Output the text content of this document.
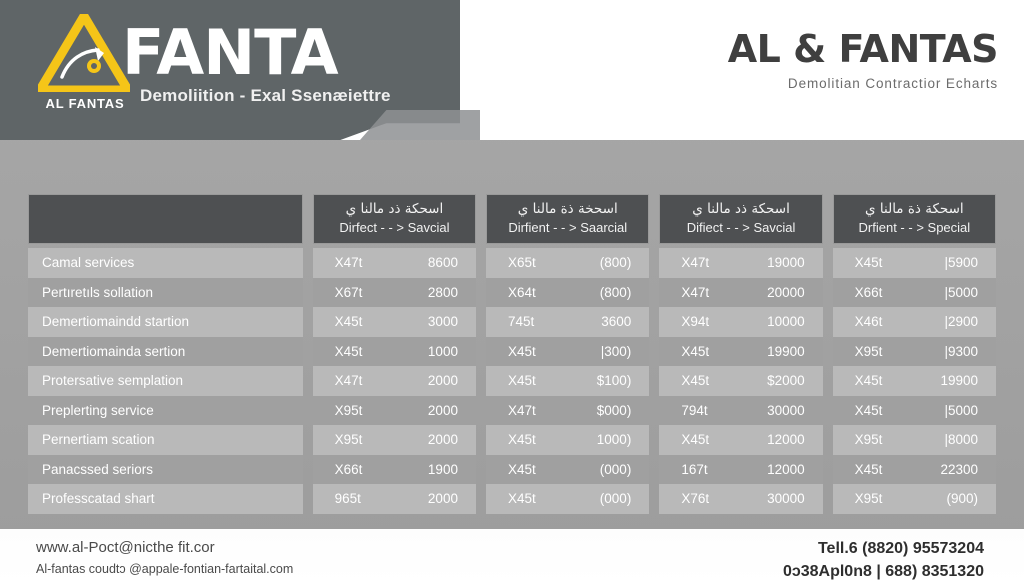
AL FANTAS
FANTA
Demoliition - Exal Ssenæiettre
AL & FANTAS
Demolitian Contractior Echarts
اسحكة ذد مالنا ي
Dirfect - - > Savcial
اسحخة ذة مالنا ي
Dirfient - - > Saarcial
اسحكة ذد مالنا ي
Difiect - - > Savcial
اسحكة ذة مالنا ي
Drfient - - > Special
Camal services	X47t	8600	X65t	(800)	X47t	19000	X45t	|5900
Pertıretıls sollation	X67t	2800	X64t	(800)	X47t	20000	X66t	|5000
Demertiomaindd startion	X45t	3000	745t	3600	X94t	10000	X46t	|2900
Demertiomainda sertion	X45t	1000	X45t	|300)	X45t	19900	X95t	|9300
Protersative semplation	X47t	2000	X45t	$100)	X45t	$2000	X45t	19900
Preplerting service	X95t	2000	X47t	$000)	794t	30000	X45t	|5000
Pernertiam scation	X95t	2000	X45t	1000)	X45t	12000	X95t	|8000
Panacssed seriors	X66t	1900	X45t	(000)	167t	12000	X45t	22300
Professcatad shart	965t	2000	X45t	(000)	X76t	30000	X95t	(900)
www.al-Poct@nicthe fit.cor
Al-fantas coudtɔ @appale-fontian-fartaital.com
Tell.6 (8820) 95573204
0ɔ38Apl0n8 | 688) 8351320
